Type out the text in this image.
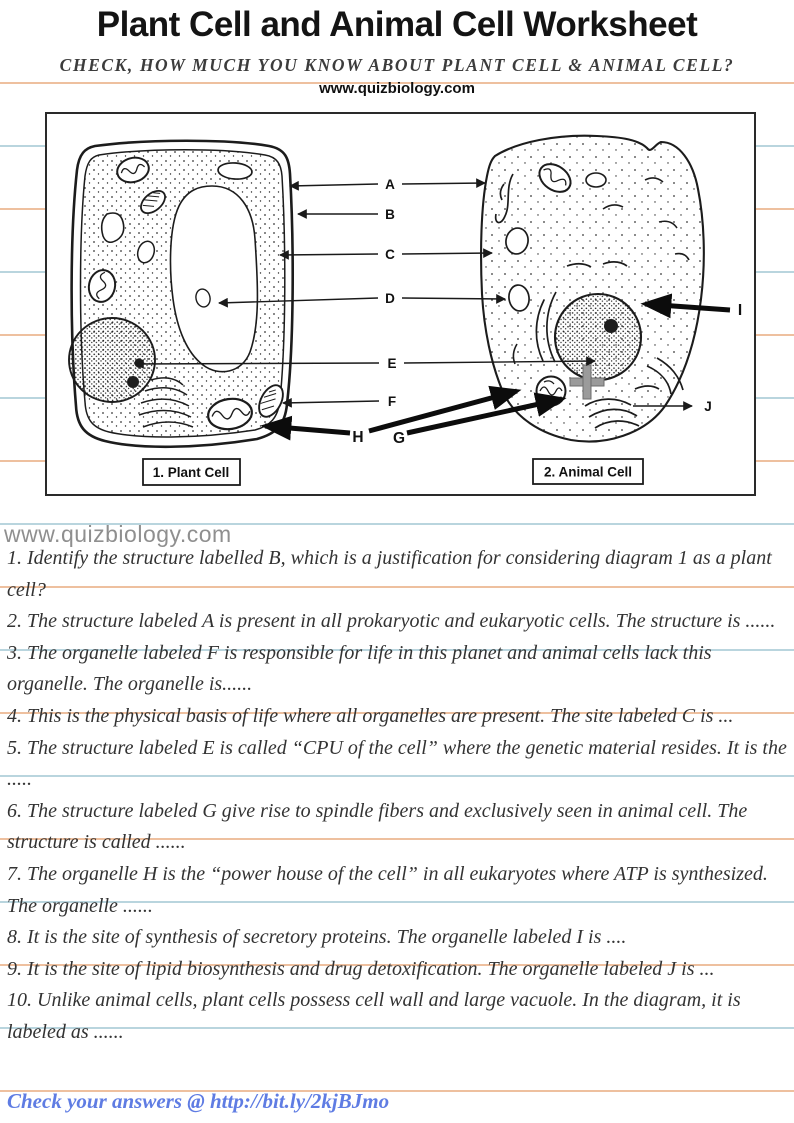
Plant Cell and Animal Cell Worksheet
CHECK, HOW MUCH YOU KNOW ABOUT PLANT CELL & ANIMAL CELL?
www.quizbiology.com
1. Plant Cell	2. Animal Cell
A
B
C
D
E
F
H G
I
J
www.quizbiology.com

1. Identify the structure labelled B, which is a justification for considering diagram 1 as a plant cell?

2. The structure labeled A is present in all prokaryotic and eukaryotic cells. The structure is ......

3. The organelle labeled F is responsible for life in this planet and animal cells lack this organelle. The organelle is......

4. This is the physical basis of life where all organelles are present. The site labeled C is ...

5. The structure labeled E is called “CPU of the cell” where the genetic material resides. It is the .....

6. The structure labeled G give rise to spindle fibers and exclusively seen in animal cell. The structure is called ......

7. The organelle H is the “power house of the cell” in all eukaryotes where ATP is synthesized. The organelle ......

8. It is the site of synthesis of secretory proteins. The organelle labeled I is ....

9. It is the site of lipid biosynthesis and drug detoxification. The organelle labeled J is ...

10. Unlike animal cells, plant cells possess cell wall and large vacuole. In the diagram, it is labeled as ......

Check your answers @ http://bit.ly/2kjBJmo
